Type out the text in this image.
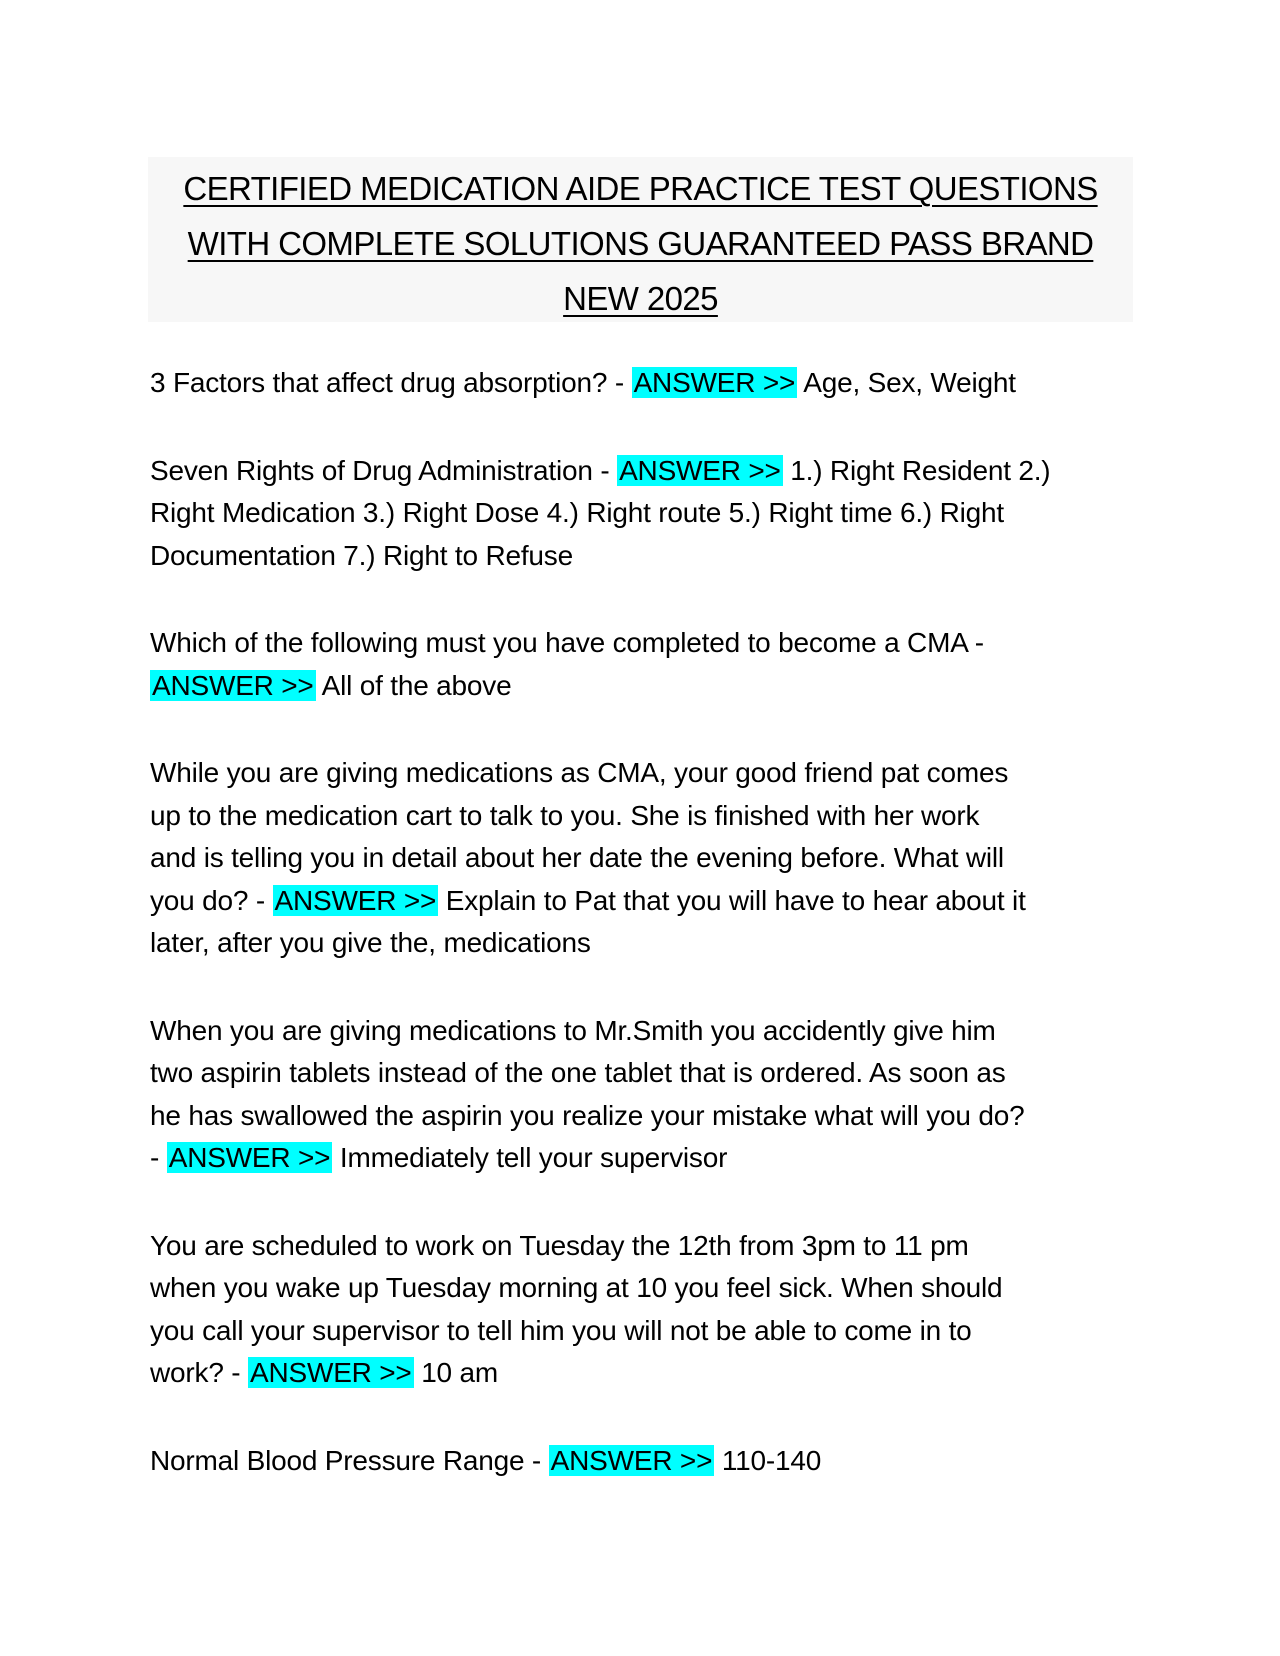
CERTIFIED MEDICATION AIDE PRACTICE TEST QUESTIONS
WITH COMPLETE SOLUTIONS GUARANTEED PASS BRAND
NEW 2025
3 Factors that affect drug absorption? - ANSWER >> Age, Sex, Weight
Seven Rights of Drug Administration - ANSWER >> 1.) Right Resident 2.)
Right Medication 3.) Right Dose 4.) Right route 5.) Right time 6.) Right
Documentation 7.) Right to Refuse
Which of the following must you have completed to become a CMA -
ANSWER >> All of the above
While you are giving medications as CMA, your good friend pat comes
up to the medication cart to talk to you. She is finished with her work
and is telling you in detail about her date the evening before. What will
you do? - ANSWER >> Explain to Pat that you will have to hear about it
later, after you give the, medications
When you are giving medications to Mr.Smith you accidently give him
two aspirin tablets instead of the one tablet that is ordered. As soon as
he has swallowed the aspirin you realize your mistake what will you do?
- ANSWER >> Immediately tell your supervisor
You are scheduled to work on Tuesday the 12th from 3pm to 11 pm
when you wake up Tuesday morning at 10 you feel sick. When should
you call your supervisor to tell him you will not be able to come in to
work? - ANSWER >> 10 am
Normal Blood Pressure Range - ANSWER >> 110-140
